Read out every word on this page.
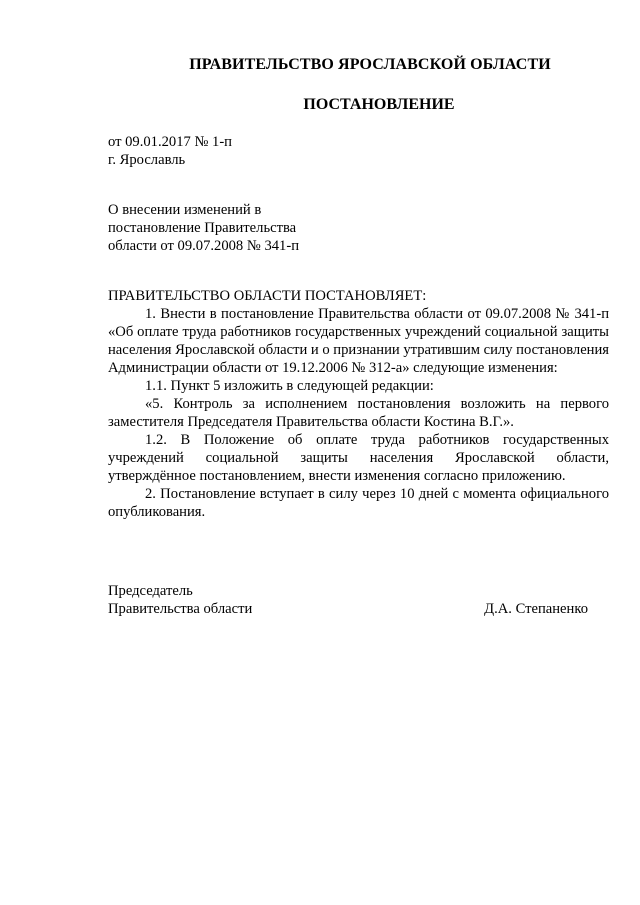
ПРАВИТЕЛЬСТВО ЯРОСЛАВСКОЙ ОБЛАСТИ
ПОСТАНОВЛЕНИЕ
от 09.01.2017 № 1-п
г. Ярославль
О внесении изменений в
постановление Правительства
области от 09.07.2008 № 341-п
ПРАВИТЕЛЬСТВО ОБЛАСТИ ПОСТАНОВЛЯЕТ:

1. Внести в постановление Правительства области от 09.07.2008 № 341-п «Об оплате труда работников государственных учреждений социальной защиты населения Ярославской области и о признании утратившим силу постановления Администрации области от 19.12.2006 № 312-а» следующие изменения:

1.1. Пункт 5 изложить в следующей редакции:

«5. Контроль за исполнением постановления возложить на первого заместителя Председателя Правительства области Костина В.Г.».

1.2. В Положение об оплате труда работников государственных учреждений социальной защиты населения Ярославской области, утверждённое постановлением, внести изменения согласно приложению.

2. Постановление вступает в силу через 10 дней с момента официального опубликования.

Председатель
Правительства области	Д.А. Степаненко
